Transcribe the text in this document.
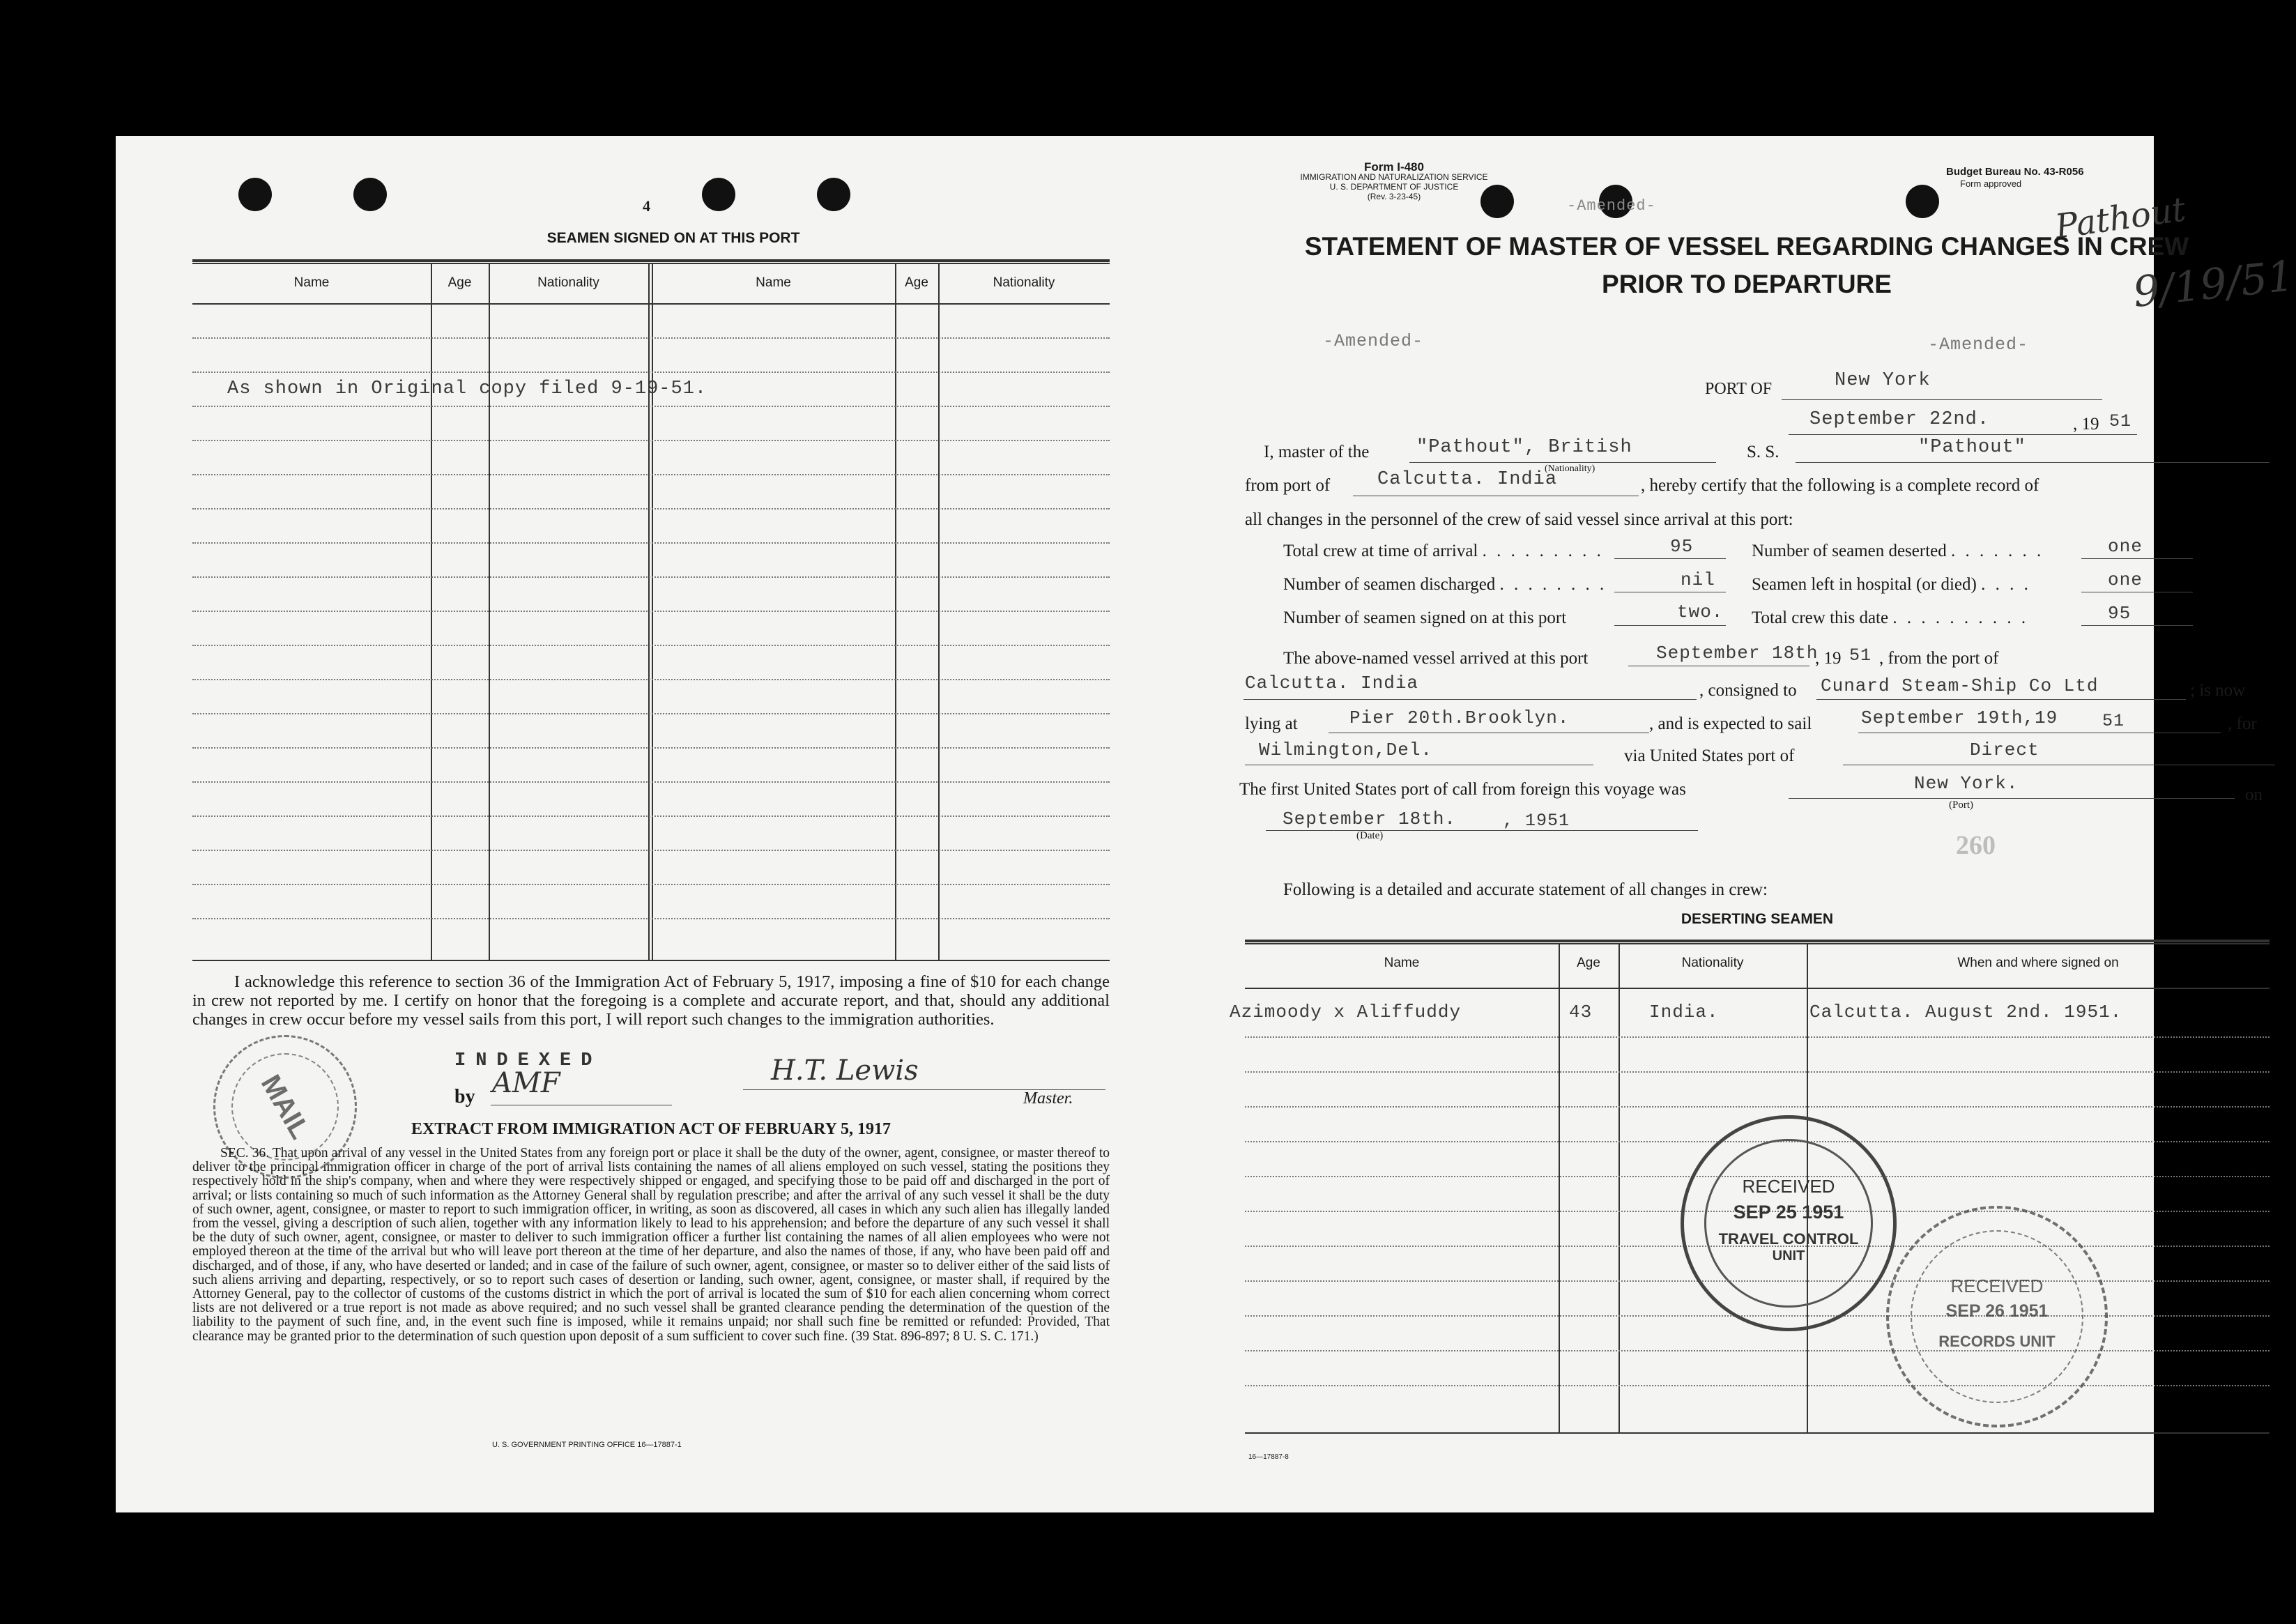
4
SEAMEN SIGNED ON AT THIS PORT
Name	Age	Nationality	Name	Age	Nationality
As shown in Original copy filed 9-19-51.
I acknowledge this reference to section 36 of the Immigration Act of February 5, 1917, imposing a fine of $10 for each change in crew not reported by me. I certify on honor that the foregoing is a complete and accurate report, and that, should any additional changes in crew occur before my vessel sails from this port, I will report such changes to the immigration authorities.
INDEXED
by AMF	H.T. Lewis
Master.
MAIL	EXTRACT FROM IMMIGRATION ACT OF FEBRUARY 5, 1917
SEC. 36. That upon arrival of any vessel in the United States from any foreign port or place it shall be the duty of the owner, agent, consignee, or master thereof to deliver to the principal immigration officer in charge of the port of arrival lists containing the names of all aliens employed on such vessel, stating the positions they respectively hold in the ship's company, when and where they were respectively shipped or engaged, and specifying those to be paid off and discharged in the port of arrival; or lists containing so much of such information as the Attorney General shall by regulation prescribe; and after the arrival of any such vessel it shall be the duty of such owner, agent, consignee, or master to report to such immigration officer, in writing, as soon as discovered, all cases in which any such alien has illegally landed from the vessel, giving a description of such alien, together with any information likely to lead to his apprehension; and before the departure of any such vessel it shall be the duty of such owner, agent, consignee, or master to deliver to such immigration officer a further list containing the names of all alien employees who were not employed thereon at the time of the arrival but who will leave port thereon at the time of her departure, and also the names of those, if any, who have been paid off and discharged, and of those, if any, who have deserted or landed; and in case of the failure of such owner, agent, consignee, or master so to deliver either of the said lists of such aliens arriving and departing, respectively, or so to report such cases of desertion or landing, such owner, agent, consignee, or master shall, if required by the Attorney General, pay to the collector of customs of the customs district in which the port of arrival is located the sum of $10 for each alien concerning whom correct lists are not delivered or a true report is not made as above required; and no such vessel shall be granted clearance pending the determination of the question of the liability to the payment of such fine, and, in the event such fine is imposed, while it remains unpaid; nor shall such fine be remitted or refunded: Provided, That clearance may be granted prior to the determination of such question upon deposit of a sum sufficient to cover such fine. (39 Stat. 896-897; 8 U. S. C. 171.)
U. S. GOVERNMENT PRINTING OFFICE 16—17887-1
Form I-480
IMMIGRATION AND NATURALIZATION SERVICE
U. S. DEPARTMENT OF JUSTICE
(Rev. 3-23-45)
Budget Bureau No. 43-R056
Form approved
-Amended-	Pathout
9/19/51
STATEMENT OF MASTER OF VESSEL REGARDING CHANGES IN CREW
PRIOR TO DEPARTURE
-Amended-	-Amended-
PORT OF	New York
September 22nd.	, 19 51
I, master of the	"Pathout", British
(Nationality)
S. S.	"Pathout"
from port of	Calcutta. India	, hereby certify that the following is a complete record of
all changes in the personnel of the crew of said vessel since arrival at this port:
Total crew at time of arrival . . . . . . . . .	95
Number of seamen discharged . . . . . . . .	nil
Number of seamen signed on at this port	two.
Number of seamen deserted . . . . . . .	one
Seamen left in hospital (or died) . . . .	one
Total crew this date . . . . . . . . . .	95
The above-named vessel arrived at this port	September 18th
, 19 51 , from the port of
Calcutta. India	, consigned to Cunard Steam-Ship Co Ltd	; is now
lying at	Pier 20th.Brooklyn.	, and is expected to sail	September 19th,19	51	, for
Wilmington,Del.	via United States port of	Direct
The first United States port of call from foreign this voyage was	New York.
(Port)
on
September 18th.	, 1951
(Date)	260
Following is a detailed and accurate statement of all changes in crew:
DESERTING SEAMEN
Name	Age	Nationality	When and where signed on
Azimoody x Aliffuddy	43	India.	Calcutta. August 2nd. 1951.
RECEIVED
SEP 25 1951
TRAVEL CONTROL
UNIT
RECEIVED
SEP 26 1951
RECORDS UNIT
16—17887-8
